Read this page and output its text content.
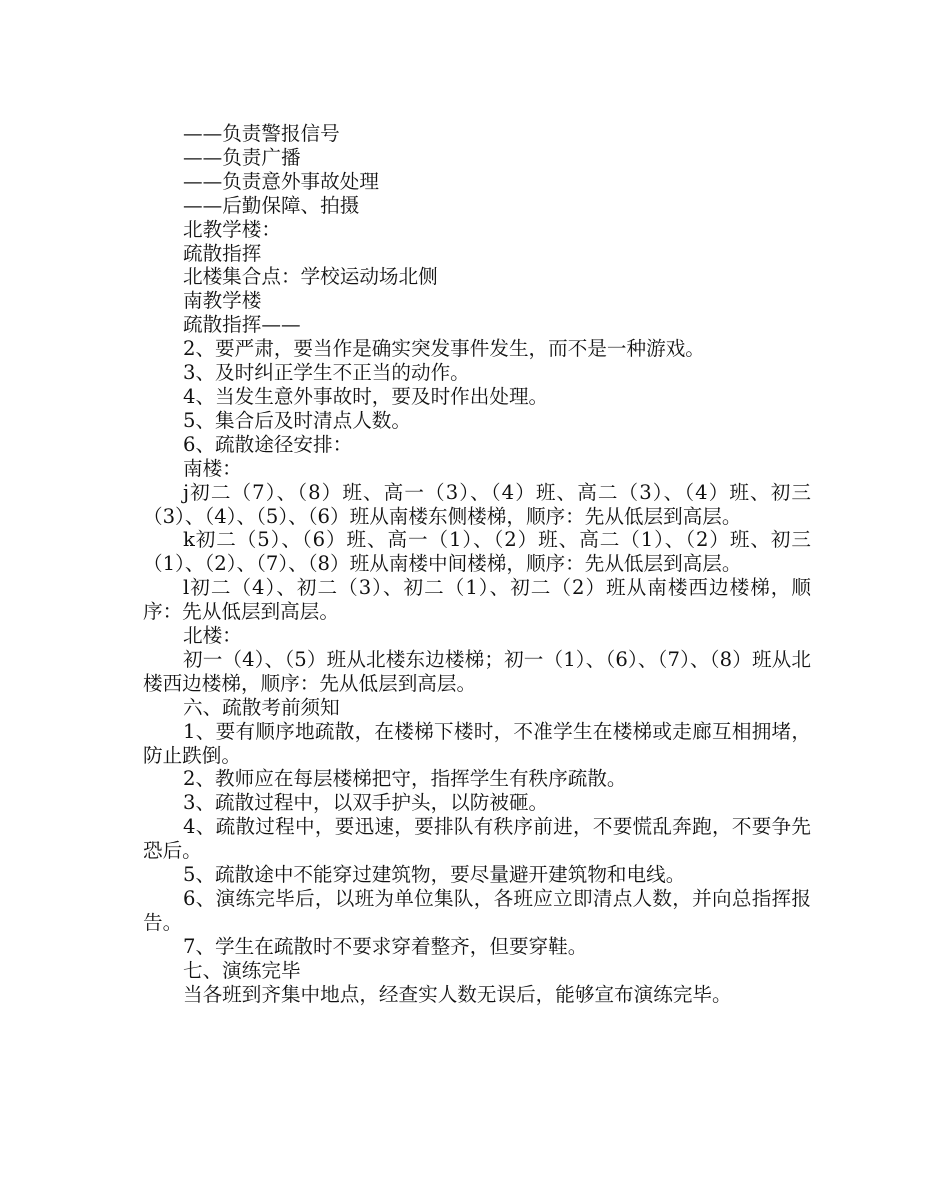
——负责警报信号

——负责广播

——负责意外事故处理

——后勤保障、拍摄

北教学楼：

疏散指挥

北楼集合点：学校运动场北侧

南教学楼

疏散指挥——

2、要严肃，要当作是确实突发事件发生，而不是一种游戏。

3、及时纠正学生不正当的动作。

4、当发生意外事故时，要及时作出处理。

5、集合后及时清点人数。

6、疏散途径安排：

南楼：

j初二（7）、（8）班、高一（3）、（4）班、高二（3）、（4）班、初三（3）、（4）、（5）、（6）班从南楼东侧楼梯，顺序：先从低层到高层。

k初二（5）、（6）班、高一（1）、（2）班、高二（1）、（2）班、初三（1）、（2）、（7）、（8）班从南楼中间楼梯，顺序：先从低层到高层。

l初二（4）、初二（3）、初二（1）、初二（2）班从南楼西边楼梯，顺序：先从低层到高层。

北楼：

初一（4）、（5）班从北楼东边楼梯；初一（1）、（6）、（7）、（8）班从北楼西边楼梯，顺序：先从低层到高层。

六、疏散考前须知

1、要有顺序地疏散，在楼梯下楼时，不准学生在楼梯或走廊互相拥堵，防止跌倒。

2、教师应在每层楼梯把守，指挥学生有秩序疏散。

3、疏散过程中，以双手护头，以防被砸。

4、疏散过程中，要迅速，要排队有秩序前进，不要慌乱奔跑，不要争先恐后。

5、疏散途中不能穿过建筑物，要尽量避开建筑物和电线。

6、演练完毕后，以班为单位集队，各班应立即清点人数，并向总指挥报告。

7、学生在疏散时不要求穿着整齐，但要穿鞋。

七、演练完毕

当各班到齐集中地点，经查实人数无误后，能够宣布演练完毕。
